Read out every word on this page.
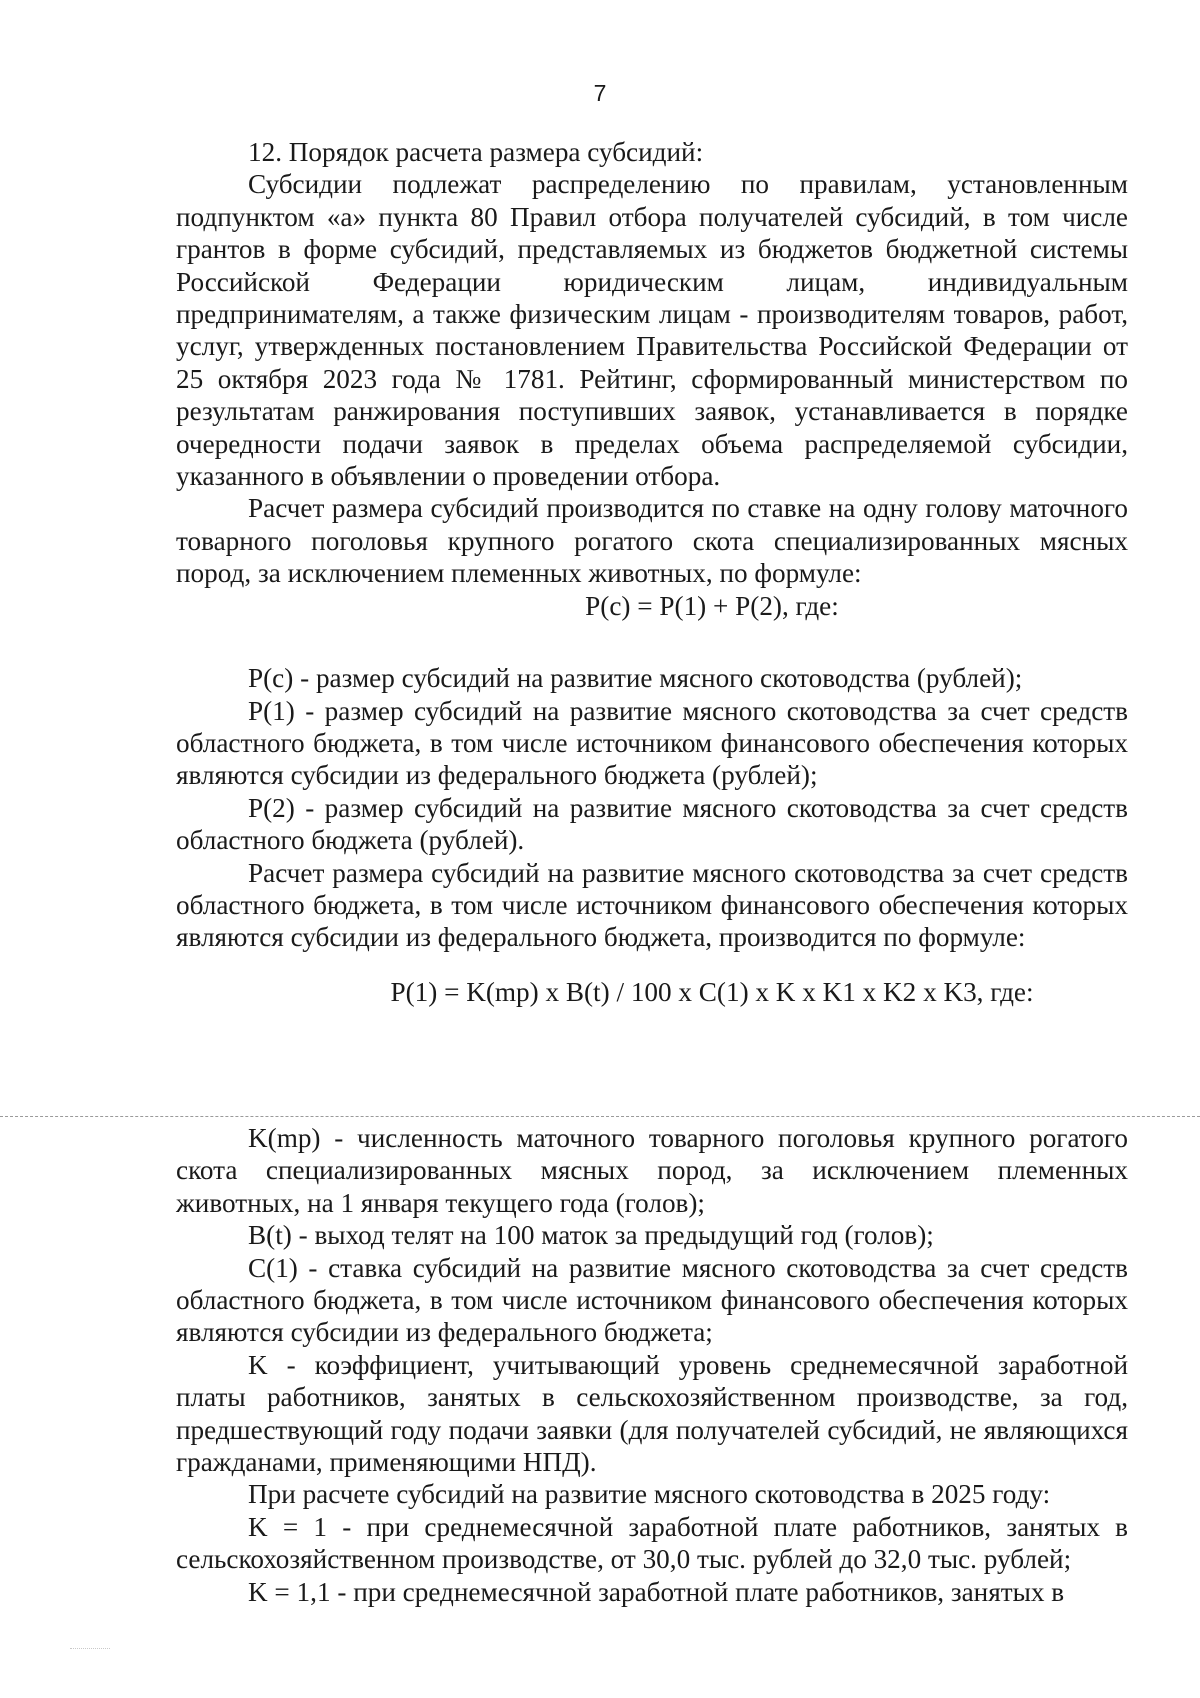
7

12. Порядок расчета размера субсидий:

Субсидии подлежат распределению по правилам, установленным подпунктом «а» пункта 80 Правил отбора получателей субсидий, в том числе грантов в форме субсидий, представляемых из бюджетов бюджетной системы Российской Федерации юридическим лицам, индивидуальным предпринимателям, а также физическим лицам - производителям товаров, работ, услуг, утвержденных постановлением Правительства Российской Федерации от 25 октября 2023 года № 1781. Рейтинг, сформированный министерством по результатам ранжирования поступивших заявок, устанавливается в порядке очередности подачи заявок в пределах объема распределяемой субсидии, указанного в объявлении о проведении отбора.

Расчет размера субсидий производится по ставке на одну голову маточного товарного поголовья крупного рогатого скота специализированных мясных пород, за исключением племенных животных, по формуле:

P(c) = P(1) + P(2), где:

P(c) - размер субсидий на развитие мясного скотоводства (рублей);

P(1) - размер субсидий на развитие мясного скотоводства за счет средств областного бюджета, в том числе источником финансового обеспечения которых являются субсидии из федерального бюджета (рублей);

P(2) - размер субсидий на развитие мясного скотоводства за счет средств областного бюджета (рублей).

Расчет размера субсидий на развитие мясного скотоводства за счет средств областного бюджета, в том числе источником финансового обеспечения которых являются субсидии из федерального бюджета, производится по формуле:

P(1) = K(mp) x B(t) / 100 x C(1) x K x K1 x K2 x K3, где:

K(mp) - численность маточного товарного поголовья крупного рогатого скота специализированных мясных пород, за исключением племенных животных, на 1 января текущего года (голов);

B(t) - выход телят на 100 маток за предыдущий год (голов);

C(1) - ставка субсидий на развитие мясного скотоводства за счет средств областного бюджета, в том числе источником финансового обеспечения которых являются субсидии из федерального бюджета;

K - коэффициент, учитывающий уровень среднемесячной заработной платы работников, занятых в сельскохозяйственном производстве, за год, предшествующий году подачи заявки (для получателей субсидий, не являющихся гражданами, применяющими НПД).

При расчете субсидий на развитие мясного скотоводства в 2025 году:

K = 1 - при среднемесячной заработной плате работников, занятых в сельскохозяйственном производстве, от 30,0 тыс. рублей до 32,0 тыс. рублей;

K = 1,1 - при среднемесячной заработной плате работников, занятых в
